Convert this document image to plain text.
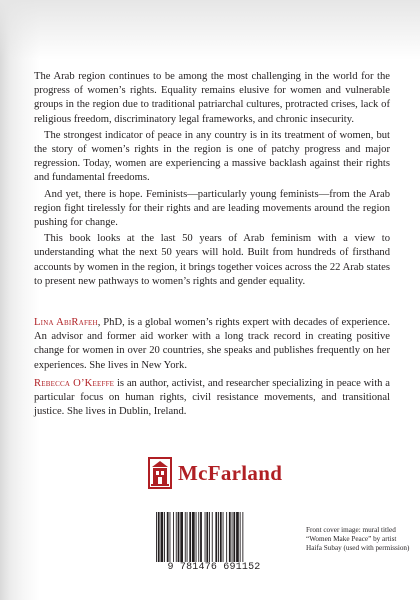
The Arab region continues to be among the most challenging in the world for the progress of women’s rights. Equality remains elusive for women and vulnerable groups in the region due to traditional patriarchal cultures, protracted crises, lack of religious freedom, discriminatory legal frameworks, and chronic insecurity.

The strongest indicator of peace in any country is in its treatment of women, but the story of women’s rights in the region is one of patchy progress and major regression. Today, women are experiencing a massive backlash against their rights and fundamental freedoms.

And yet, there is hope. Feminists—particularly young feminists—from the Arab region fight tirelessly for their rights and are leading movements around the region pushing for change.

This book looks at the last 50 years of Arab feminism with a view to understanding what the next 50 years will hold. Built from hundreds of firsthand accounts by women in the region, it brings together voices across the 22 Arab states to present new pathways to women’s rights and gender equality.

Lina AbiRafeh, PhD, is a global women’s rights expert with decades of experience. An advisor and former aid worker with a long track record in creating positive change for women in over 20 countries, she speaks and publishes frequently on her experiences. She lives in New York.
Rebecca O’Keeffe is an author, activist, and researcher specializing in peace with a particular focus on human rights, civil resistance movements, and transitional justice. She lives in Dublin, Ireland.
McFarland
9 781476 691152
Front cover image: mural titled “Women Make Peace” by artist Haifa Subay (used with permission)
